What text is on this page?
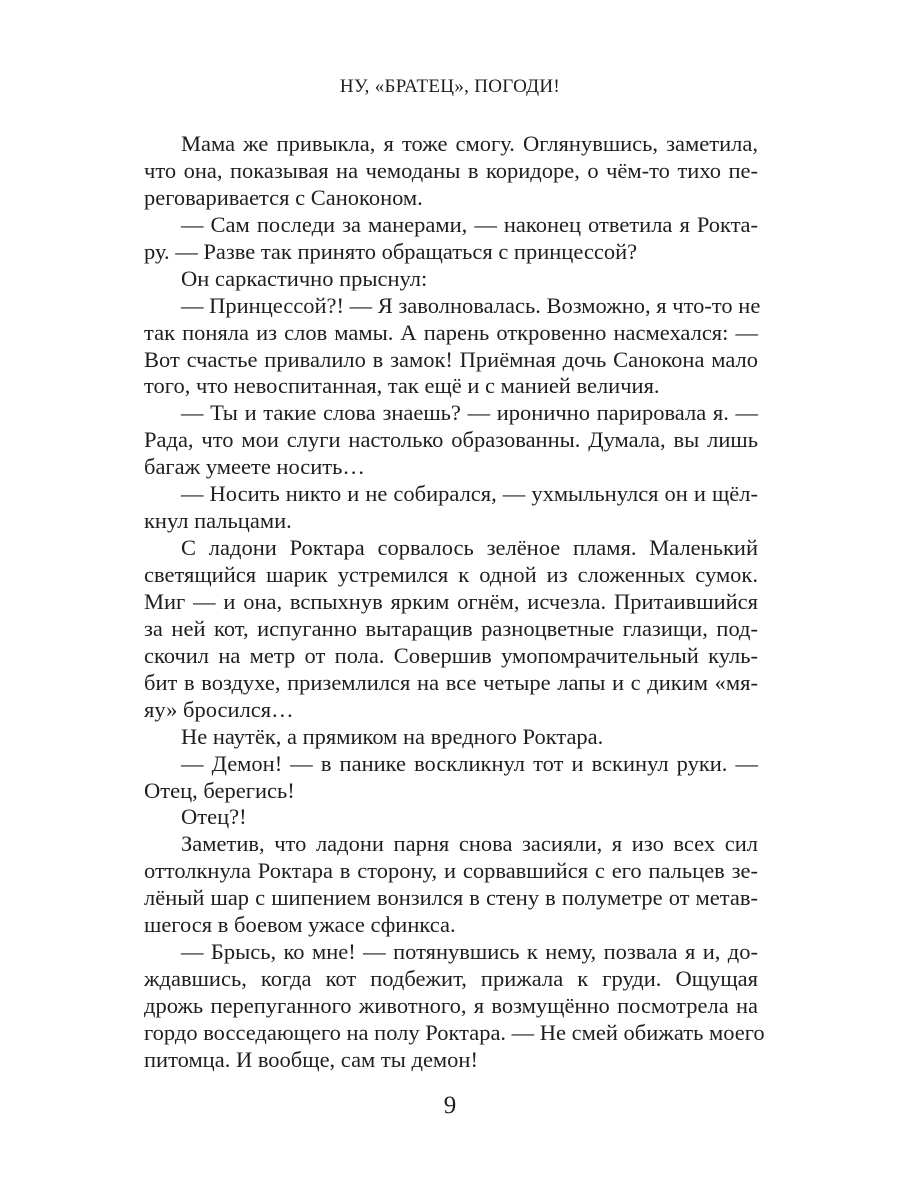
НУ, «БРАТЕЦ», ПОГОДИ!
Мама же привыкла, я тоже смогу. Оглянувшись, заметила,
что она, показывая на чемоданы в коридоре, о чём-то тихо пе-
реговаривается с Саноконом.
— Сам последи за манерами, — наконец ответила я Роктa-
ру. — Разве так принято обращаться с принцессой?
Он саркастично прыснул:
— Принцессой?! — Я заволновалась. Возможно, я что-то не
так поняла из слов мамы. А парень откровенно насмехался: —
Вот счастье привалило в замок! Приёмная дочь Санокона мало
того, что невоспитанная, так ещё и с манией величия.
— Ты и такие слова знаешь? — иронично парировала я. —
Рада, что мои слуги настолько образованны. Думала, вы лишь
багаж умеете носить…
— Носить никто и не собирался, — ухмыльнулся он и щёл-
кнул пальцами.
С ладони Роктара сорвалось зелёное пламя. Маленький
светящийся шарик устремился к одной из сложенных сумок.
Миг — и она, вспыхнув ярким огнём, исчезла. Притаившийся
за ней кот, испуганно вытаращив разноцветные глазищи, под-
скочил на метр от пола. Совершив умопомрачительный куль-
бит в воздухе, приземлился на все четыре лапы и с диким «мя-
яу» бросился…
Не наутёк, а прямиком на вредного Роктара.
— Демон! — в панике воскликнул тот и вскинул руки. —
Отец, берегись!
Отец?!
Заметив, что ладони парня снова засияли, я изо всех сил
оттолкнула Роктара в сторону, и сорвавшийся с его пальцев зе-
лёный шар с шипением вонзился в стену в полуметре от метав-
шегося в боевом ужасе сфинкса.
— Брысь, ко мне! — потянувшись к нему, позвала я и, до-
ждавшись, когда кот подбежит, прижала к груди. Ощущая
дрожь перепуганного животного, я возмущённо посмотрела на
гордо восседающего на полу Роктара. — Не смей обижать моего
питомца. И вообще, сам ты демон!
9
